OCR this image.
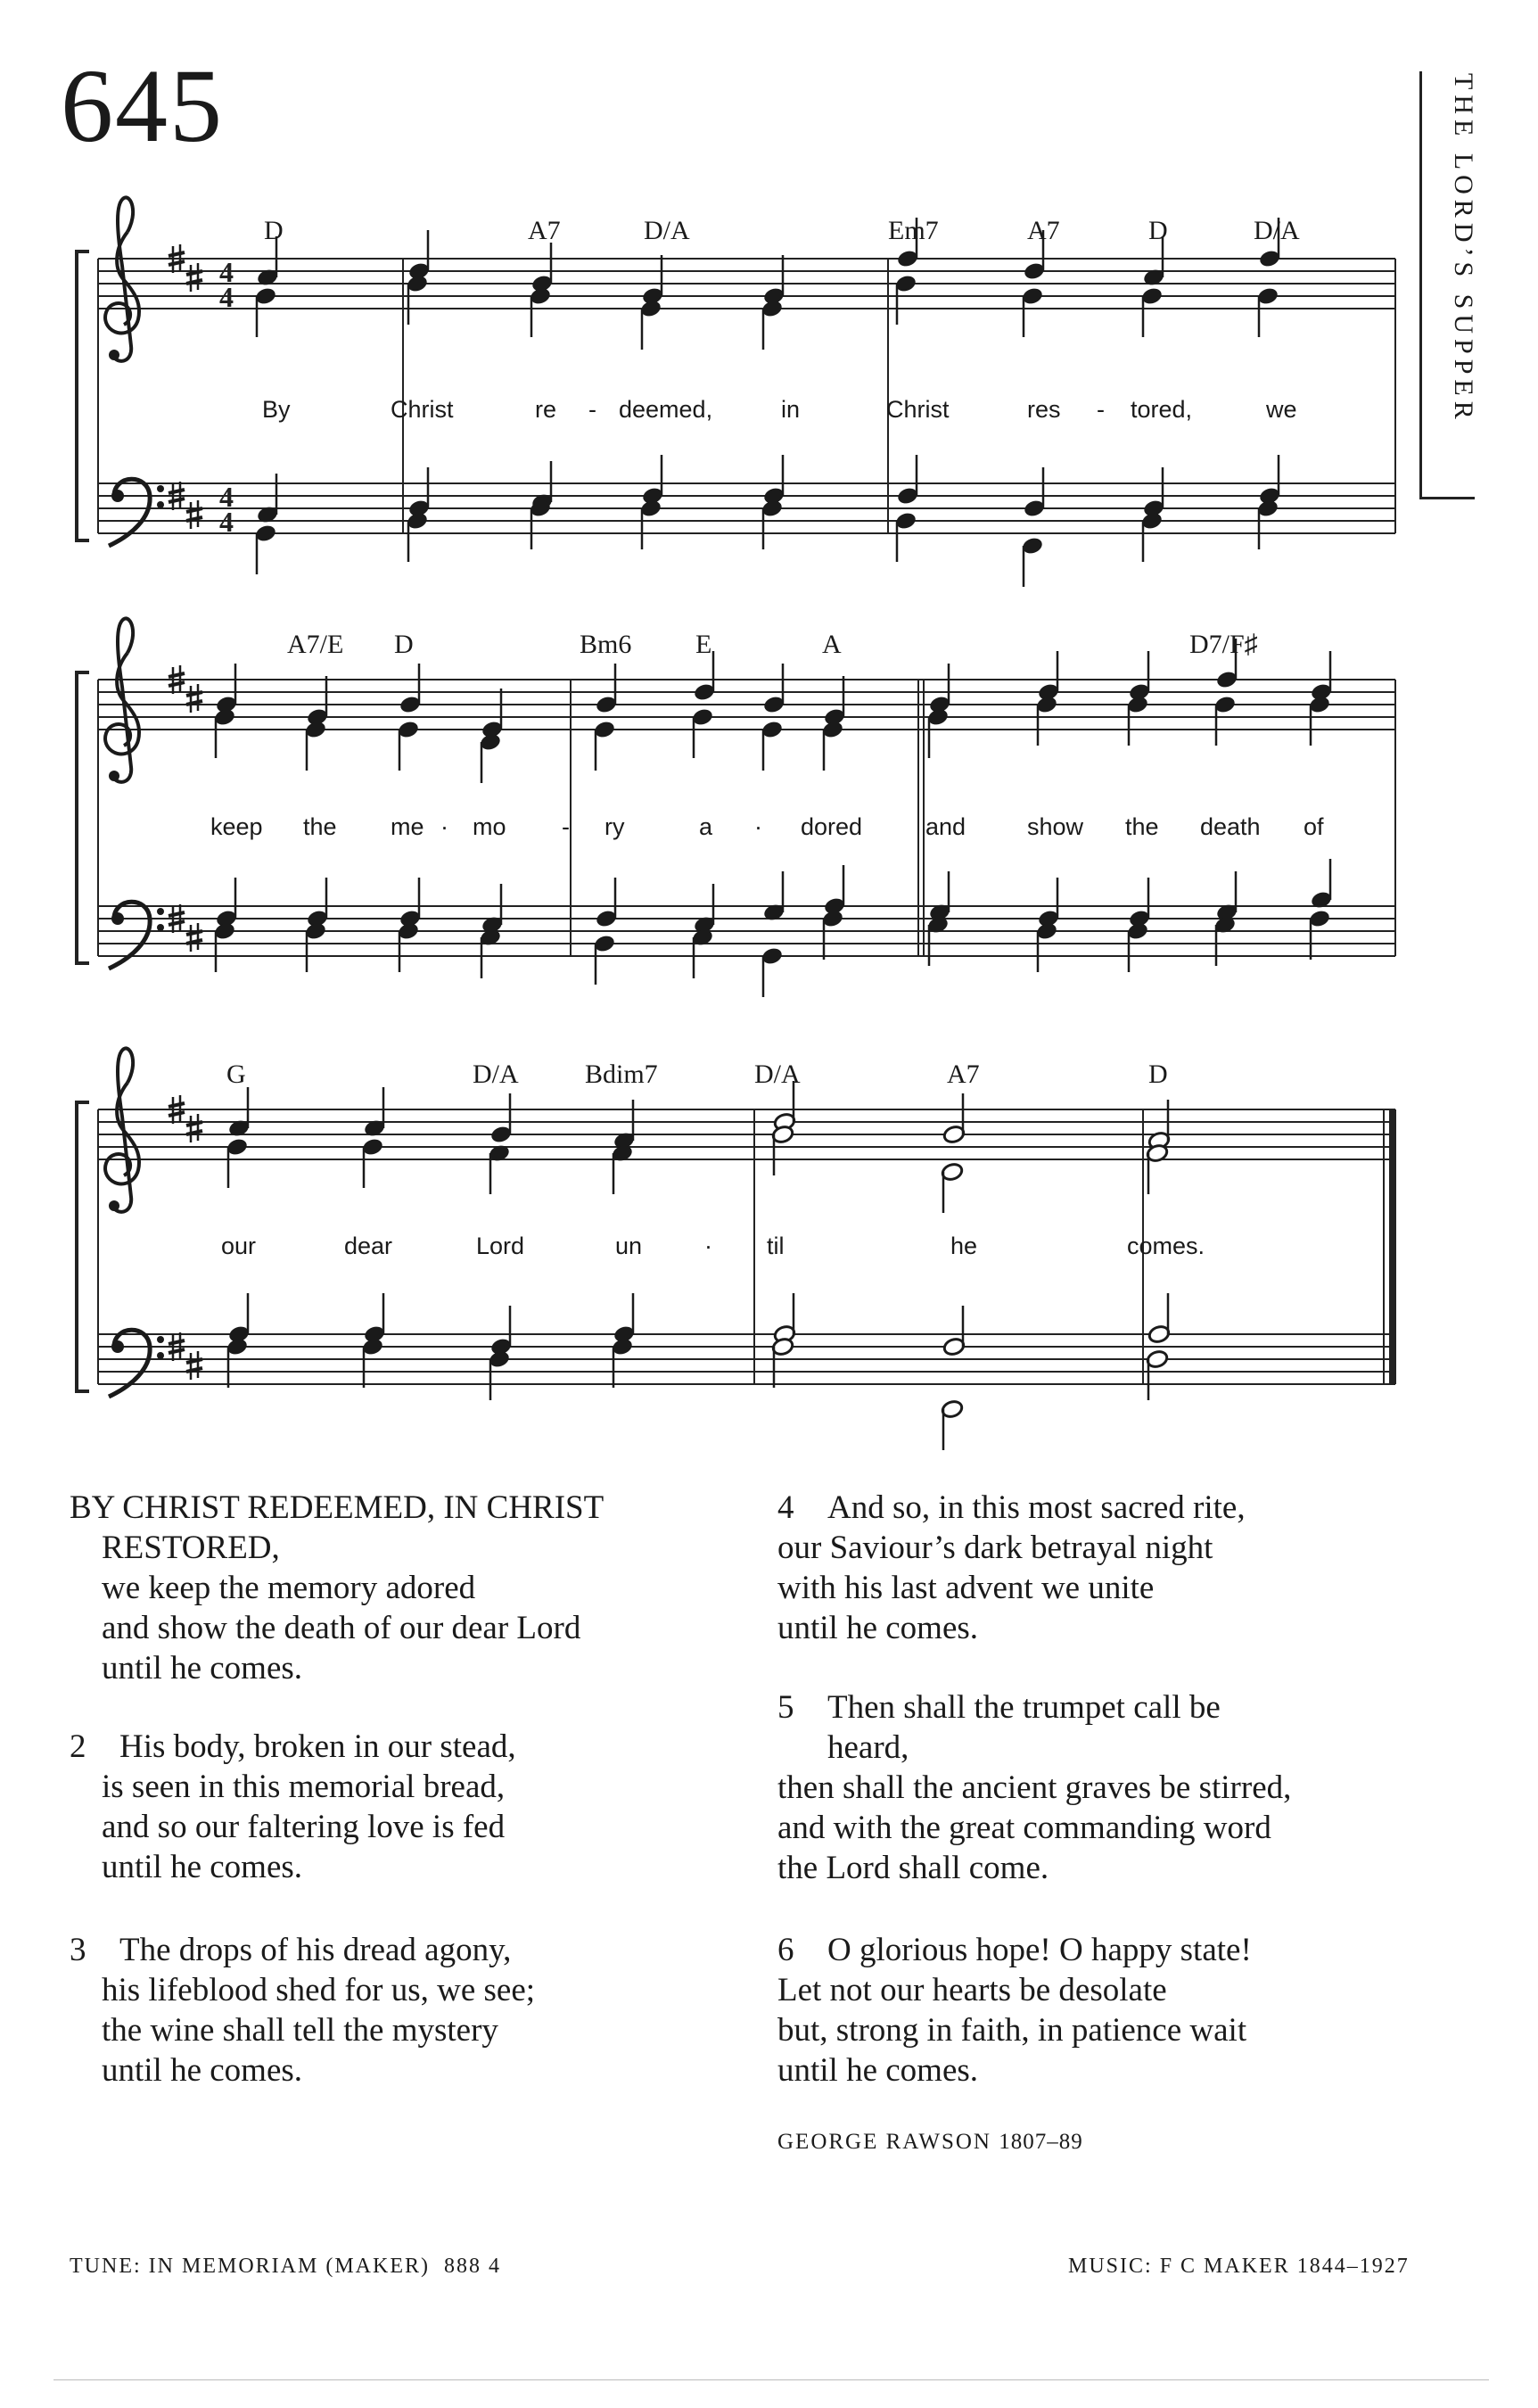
645	THE LORD’S SUPPER
D	A7	D/A	Em7	A7	D	D/A
4
4
4
4
By	Christ	re - deemed,	in	Christ	res - tored,	we
A7/E D	Bm6 E	A	D7/F♯
keep the me · mo - ry	a · dored	and	show the death of
G	D/A Bdim7	D/A	A7	D
our	dear	Lord	un	· til	he	comes.
BY CHRIST REDEEMED, IN CHRIST
RESTORED,
we keep the memory adored
and show the death of our dear Lord
until he comes.
2 His body, broken in our stead,
is seen in this memorial bread,
and so our faltering love is fed
until he comes.
3 The drops of his dread agony,
his lifeblood shed for us, we see;
the wine shall tell the mystery
until he comes.
4 And so, in this most sacred rite,
our Saviour’s dark betrayal night
with his last advent we unite
until he comes.
5 Then shall the trumpet call be
heard,
then shall the ancient graves be stirred,
and with the great commanding word
the Lord shall come.
6 O glorious hope! O happy state!
Let not our hearts be desolate
but, strong in faith, in patience wait
until he comes.
GEORGE RAWSON 1807–89
TUNE: IN MEMORIAM (MAKER) 888 4	MUSIC: F C MAKER 1844–1927
